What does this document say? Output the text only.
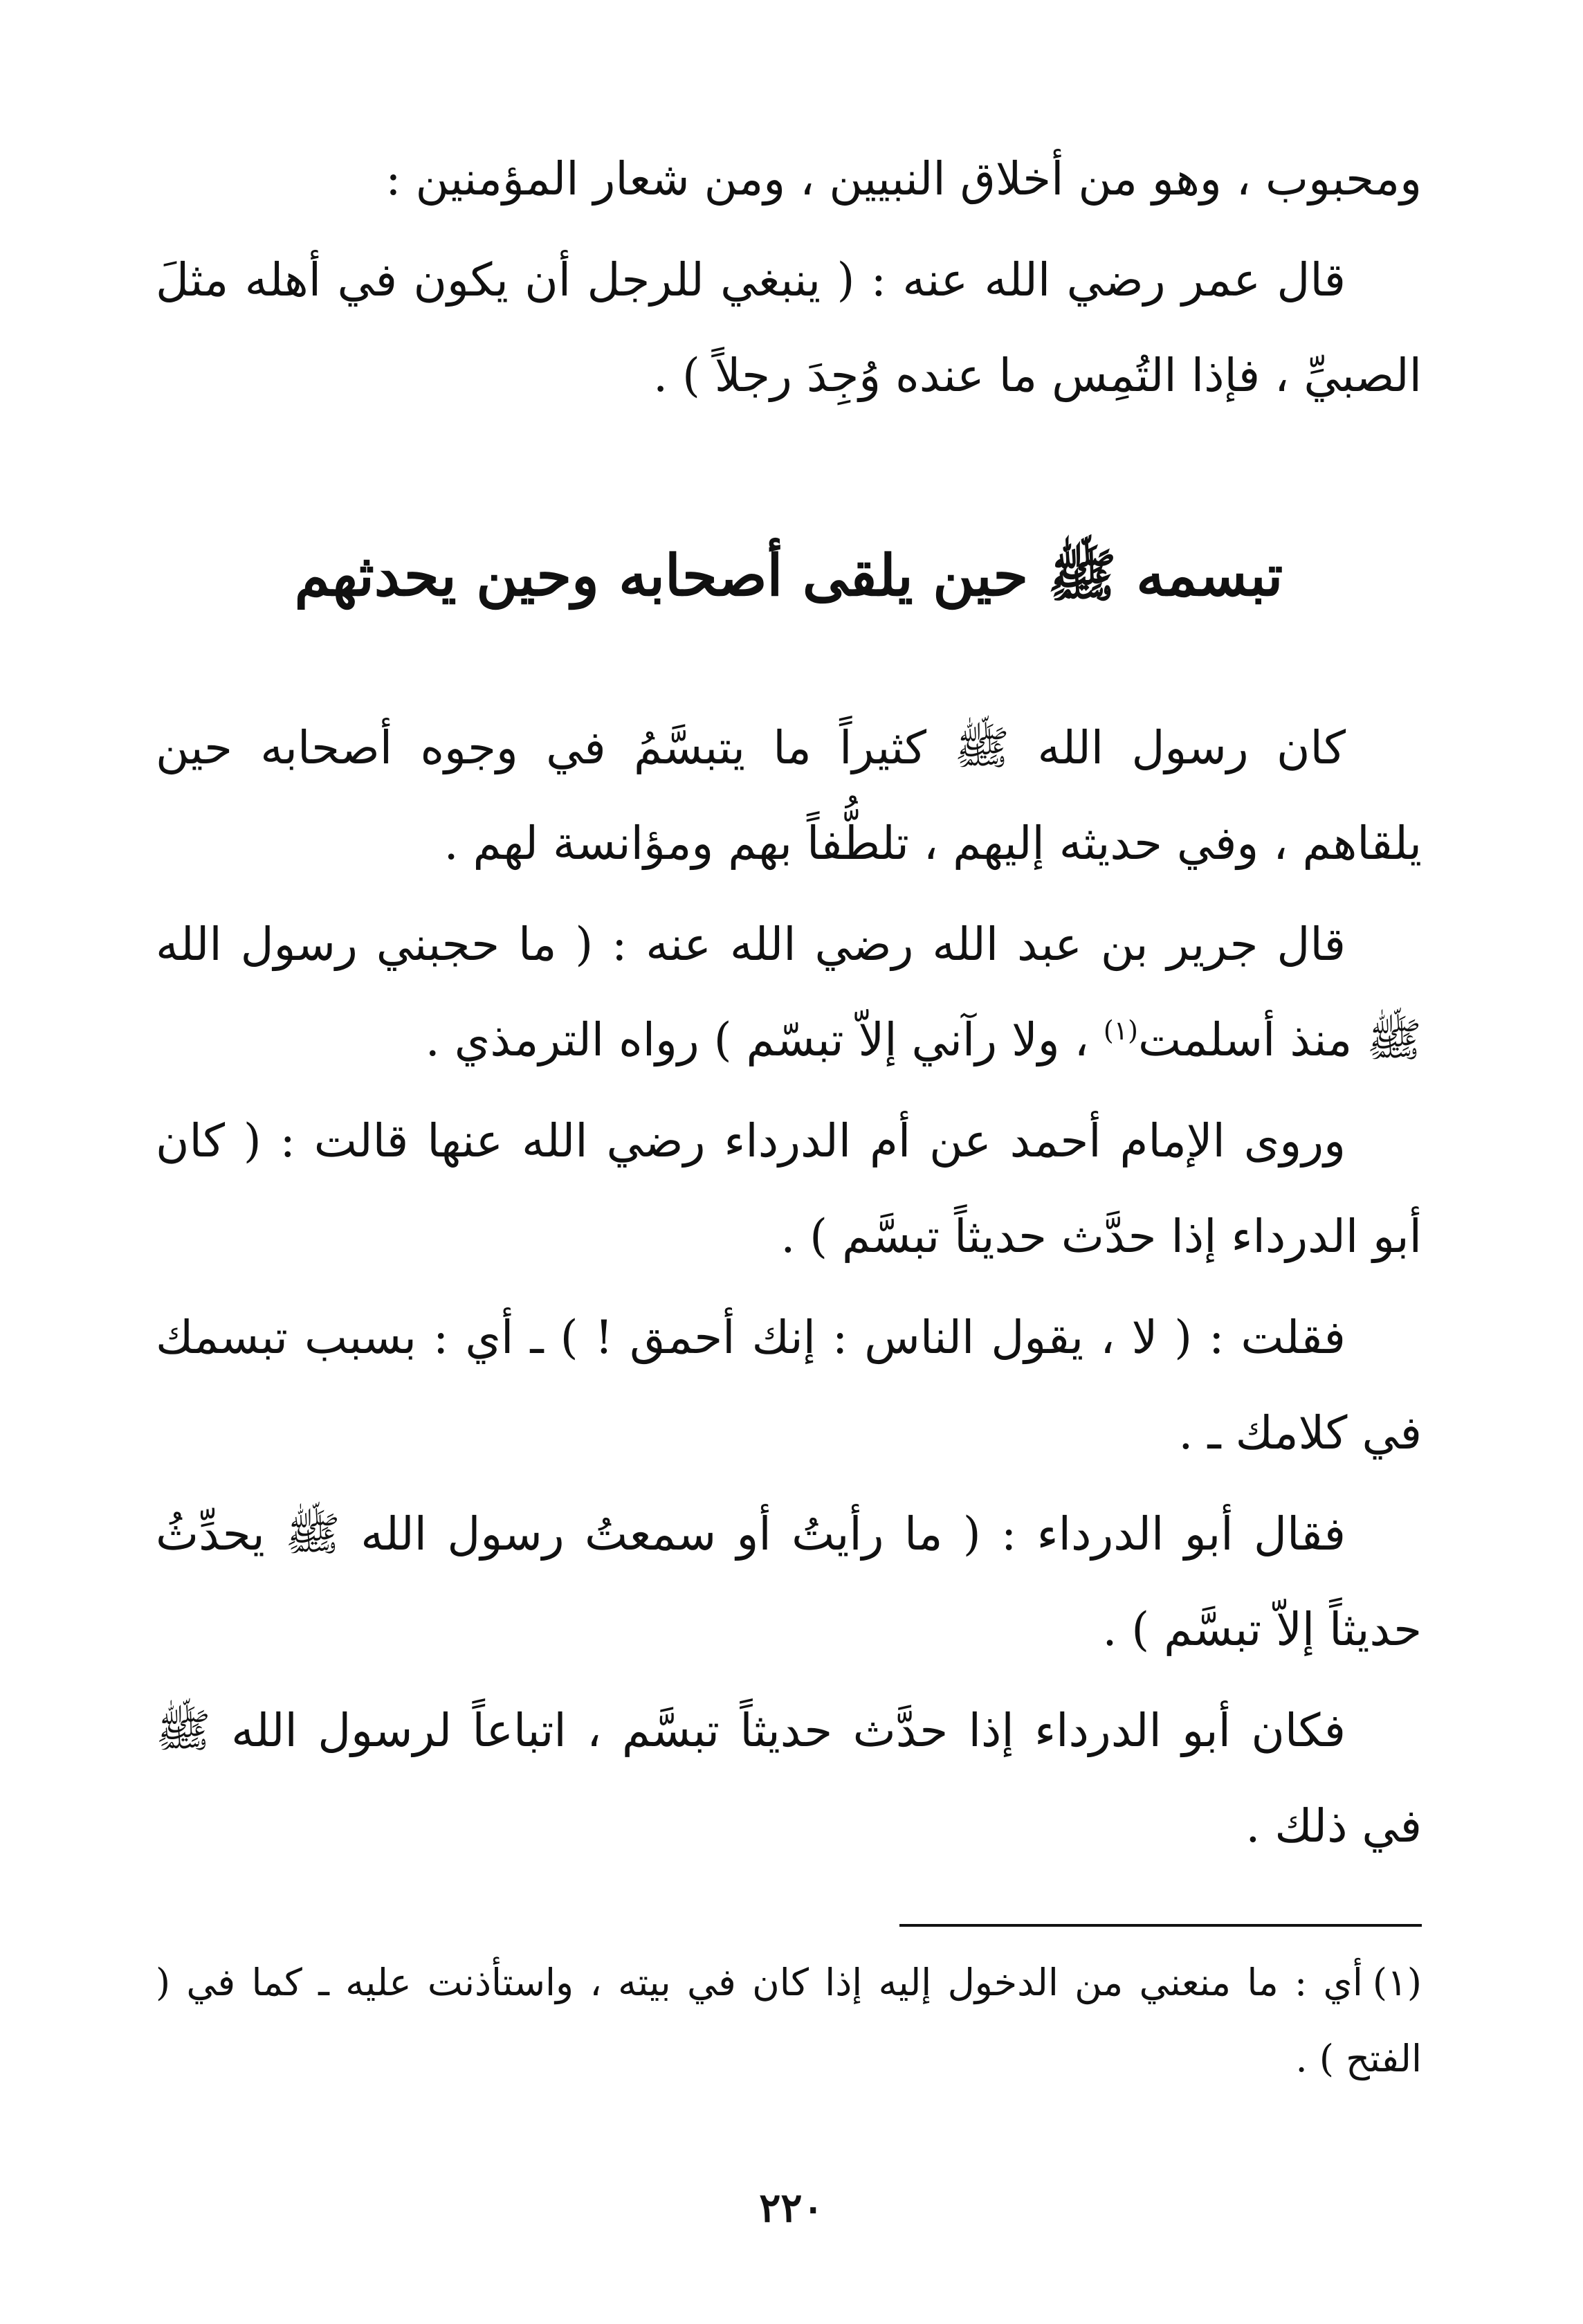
ومحبوب ، وهو من أخلاق النبيين ، ومن شعار المؤمنين :

قال عمر رضي الله عنه : ( ينبغي للرجل أن يكون في أهله مثلَ الصبيِّ ، فإذا التُمِس ما عنده وُجِدَ رجلاً ) .

تبسمه ﷺ حين يلقى أصحابه وحين يحدثهم

كان رسول الله ﷺ كثيراً ما يتبسَّمُ في وجوه أصحابه حين يلقاهم ، وفي حديثه إليهم ، تلطُّفاً بهم ومؤانسة لهم .

قال جرير بن عبد الله رضي الله عنه : ( ما حجبني رسول الله ﷺ منذ أسلمت$^{(١)}$ ، ولا رآني إلاّ تبسّم ) رواه الترمذي .

وروى الإمام أحمد عن أم الدرداء رضي الله عنها قالت : ( كان أبو الدرداء إذا حدَّث حديثاً تبسَّم ) .

فقلت : ( لا ، يقول الناس : إنك أحمق ! ) ـ أي : بسبب تبسمك في كلامك ـ .

فقال أبو الدرداء : ( ما رأيتُ أو سمعتُ رسول الله ﷺ يحدِّثُ حديثاً إلاّ تبسَّم ) .

فكان أبو الدرداء إذا حدَّث حديثاً تبسَّم ، اتباعاً لرسول الله ﷺ في ذلك .

(١)أي : ما منعني من الدخول إليه إذا كان في بيته ، واستأذنت عليه ـ كما في ( الفتح ) .
٢٢٠
